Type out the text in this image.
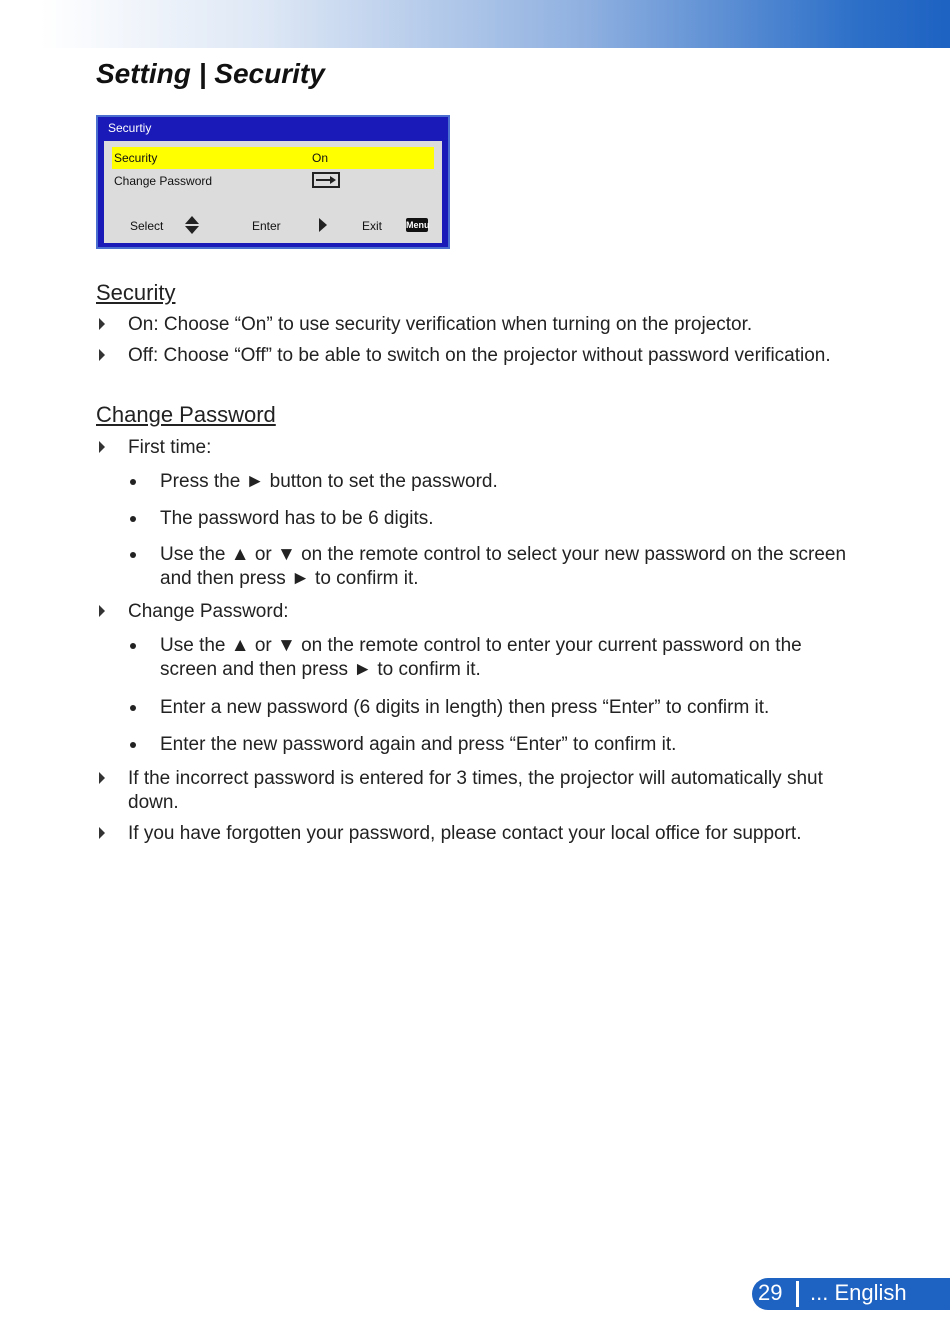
Setting | Security
Securtiy
Security	On
Change Password
Select	Enter	Exit	Menu
Security
On: Choose “On” to use security verification when turning on the projector.
Off: Choose “Off” to be able to switch on the projector without password verification.
Change Password
First time:
Press the ► button to set the password.
The password has to be 6 digits.
Use the ▲ or ▼ on the remote control to select your new password on the screen and then press ► to confirm it.
Change Password:
Use the ▲ or ▼ on the remote control to enter your current password on the screen and then press ► to confirm it.
Enter a new password (6 digits in length) then press “Enter” to confirm it.
Enter the new password again and press “Enter” to confirm it.
If the incorrect password is entered for 3 times, the projector will automatically shut down.
If you have forgotten your password, please contact your local office for support.
29 ... English
